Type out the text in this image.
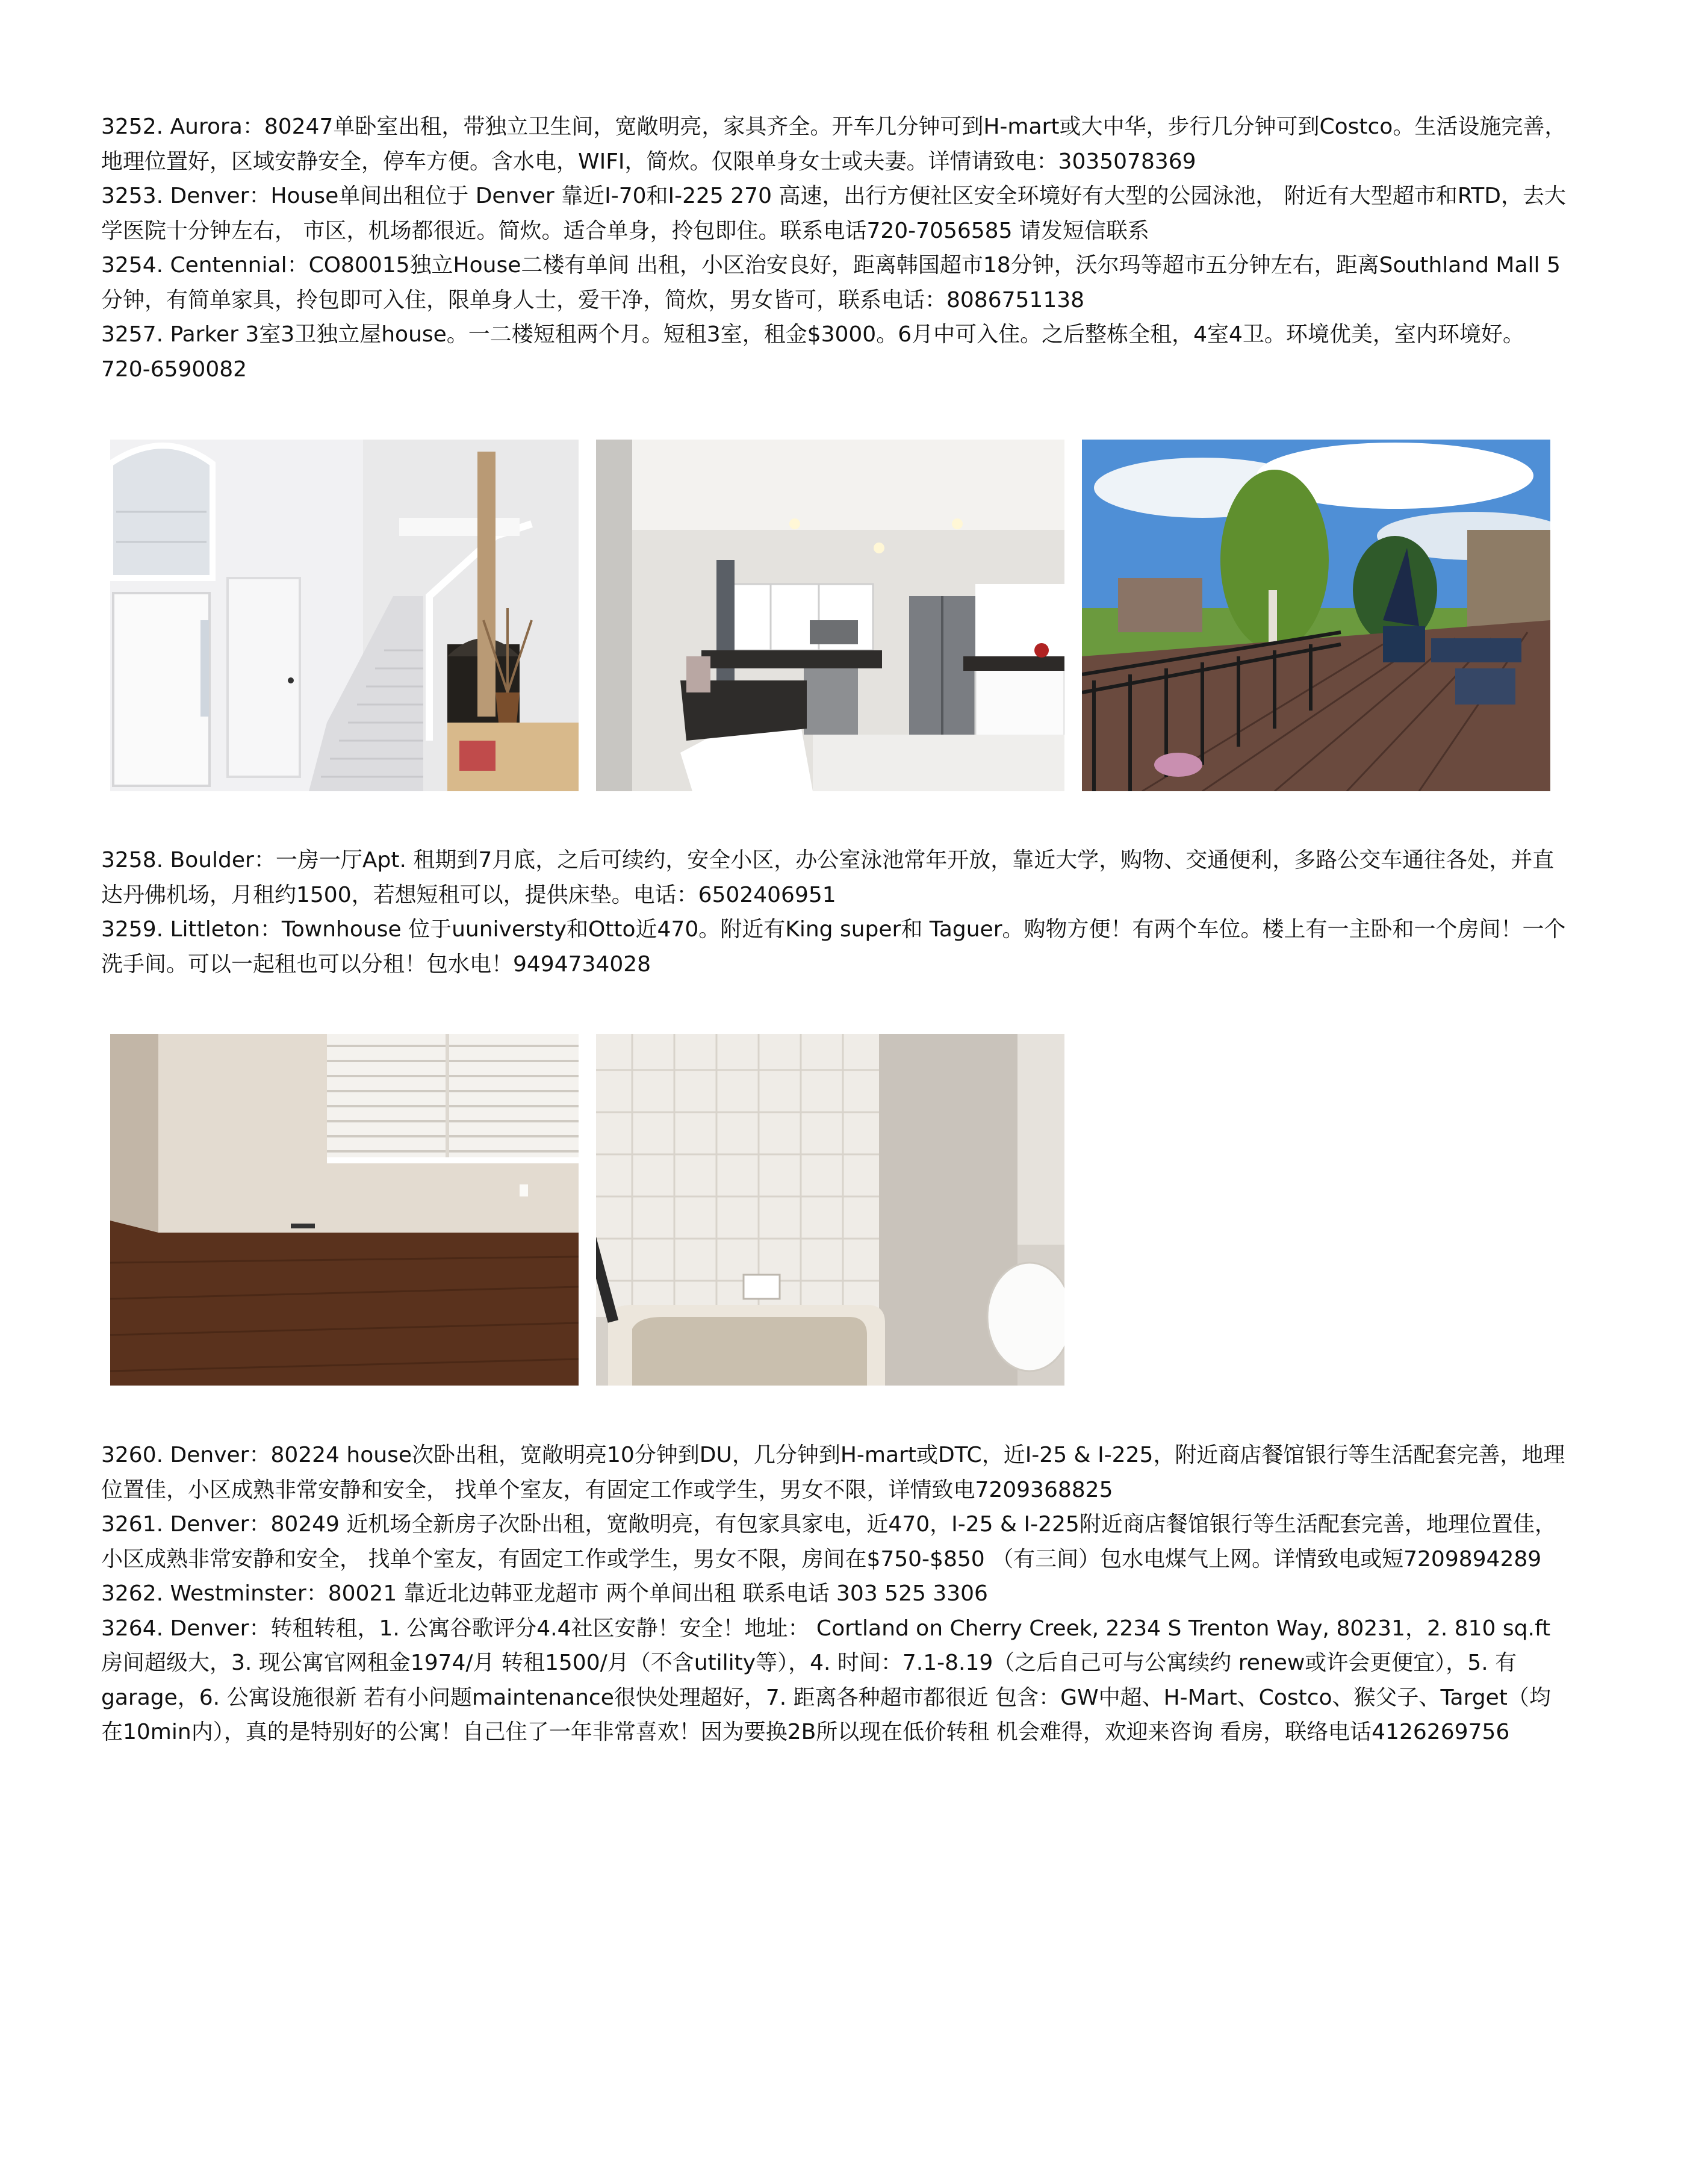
3252. Aurora：80247单卧室出租，带独立卫生间，宽敞明亮，家具齐全。开车几分钟可到H-mart或大中华，步行几分钟可到Costco。生活设施完善，地理位置好，区域安静安全，停车方便。含水电，WIFI，简炊。仅限单身女士或夫妻。详情请致电：3035078369

3253. Denver：House单间出租位于 Denver 靠近I-70和I-225 270 高速，出行方便社区安全环境好有大型的公园泳池， 附近有大型超市和RTD，去大学医院十分钟左右， 市区，机场都很近。简炊。适合单身，拎包即住。联系电话720-7056585 请发短信联系

3254. Centennial：CO80015独立House二楼有单间 出租，小区治安良好，距离韩国超市18分钟，沃尔玛等超市五分钟左右，距离Southland Mall 5分钟，有简单家具，拎包即可入住，限单身人士，爱干净，简炊，男女皆可，联系电话：8086751138

3257. Parker 3室3卫独立屋house。一二楼短租两个月。短租3室，租金$3000。6月中可入住。之后整栋全租，4室4卫。环境优美，室内环境好。720-6590082

3258. Boulder：一房一厅Apt. 租期到7月底，之后可续约，安全小区，办公室泳池常年开放，靠近大学，购物、交通便利，多路公交车通往各处，并直达丹佛机场，月租约1500，若想短租可以，提供床垫。电话：6502406951

3259. Littleton：Townhouse 位于uuniversty和Otto近470。附近有King super和 Taguer。购物方便！有两个车位。楼上有一主卧和一个房间！一个洗手间。可以一起租也可以分租！包水电！9494734028

3260. Denver：80224 house次卧出租，宽敞明亮10分钟到DU，几分钟到H-mart或DTC，近I-25 & I-225，附近商店餐馆银行等生活配套完善，地理位置佳，小区成熟非常安静和安全， 找单个室友，有固定工作或学生，男女不限，详情致电7209368825

3261. Denver：80249 近机场全新房子次卧出租，宽敞明亮，有包家具家电，近470，I-25 & I-225附近商店餐馆银行等生活配套完善，地理位置佳，小区成熟非常安静和安全， 找单个室友，有固定工作或学生，男女不限，房间在$750-$850 （有三间）包水电煤气上网。详情致电或短7209894289

3262. Westminster：80021 靠近北边韩亚龙超市 两个单间出租 联系电话 303 525 3306

3264. Denver：转租转租，1. 公寓谷歌评分4.4社区安静！安全！地址： Cortland on Cherry Creek, 2234 S Trenton Way, 80231，2. 810 sq.ft 房间超级大，3. 现公寓官网租金1974/月 转租1500/月（不含utility等），4. 时间：7.1-8.19（之后自己可与公寓续约 renew或许会更便宜），5. 有garage，6. 公寓设施很新 若有小问题maintenance很快处理超好，7. 距离各种超市都很近 包含：GW中超、H-Mart、Costco、猴父子、Target（均在10min内），真的是特别好的公寓！自己住了一年非常喜欢！因为要换2B所以现在低价转租 机会难得，欢迎来咨询 看房，联络电话4126269756
